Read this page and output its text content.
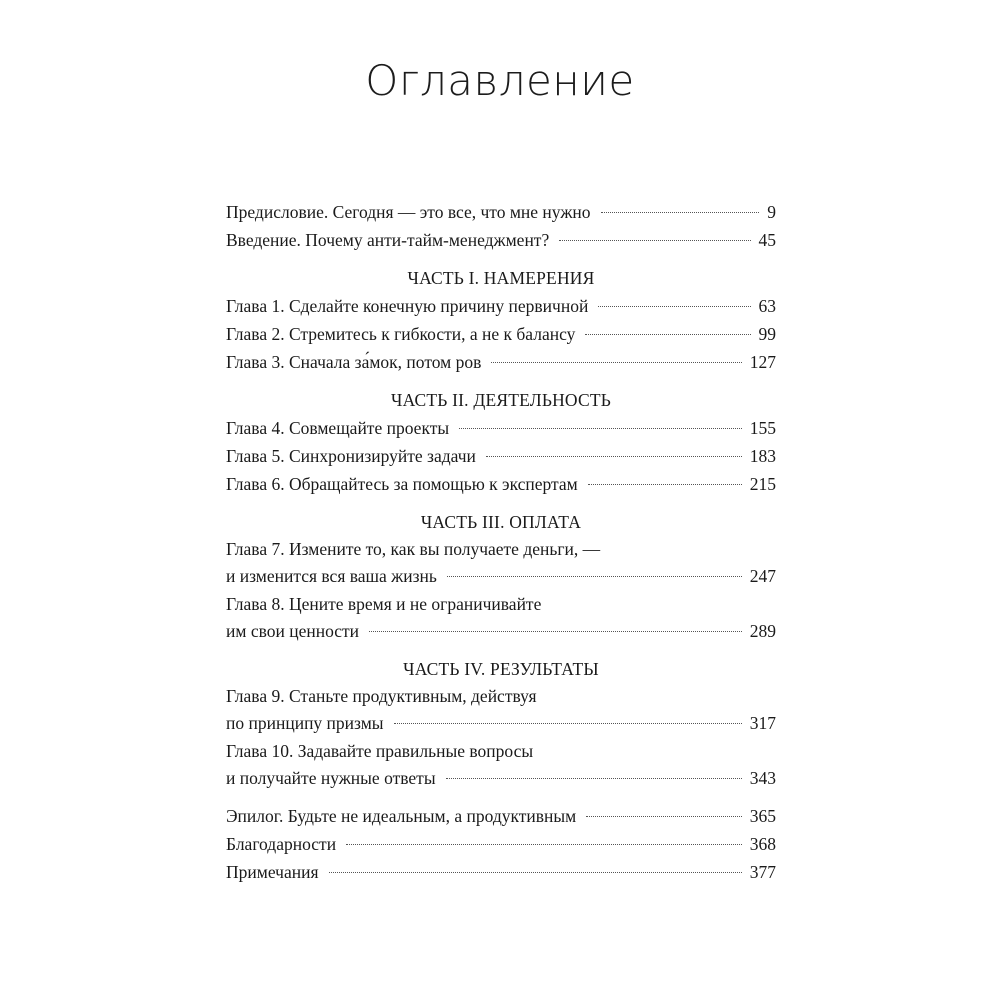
Оглавление
Предисловие. Сегодня — это все, что мне нужно	9
Введение. Почему анти-тайм-менеджмент?	45
ЧАСТЬ I. НАМЕРЕНИЯ
Глава 1. Сделайте конечную причину первичной	63
Глава 2. Стремитесь к гибкости, а не к балансу	99
Глава 3. Сначала за́мок, потом ров	127
ЧАСТЬ II. ДЕЯТЕЛЬНОСТЬ
Глава 4. Совмещайте проекты	155
Глава 5. Синхронизируйте задачи	183
Глава 6. Обращайтесь за помощью к экспертам	215
ЧАСТЬ III. ОПЛАТА
Глава 7. Измените то, как вы получаете деньги, —
и изменится вся ваша жизнь	247
Глава 8. Цените время и не ограничивайте
им свои ценности	289
ЧАСТЬ IV. РЕЗУЛЬТАТЫ
Глава 9. Станьте продуктивным, действуя
по принципу призмы	317
Глава 10. Задавайте правильные вопросы
и получайте нужные ответы	343
Эпилог. Будьте не идеальным, а продуктивным	365
Благодарности	368
Примечания	377
